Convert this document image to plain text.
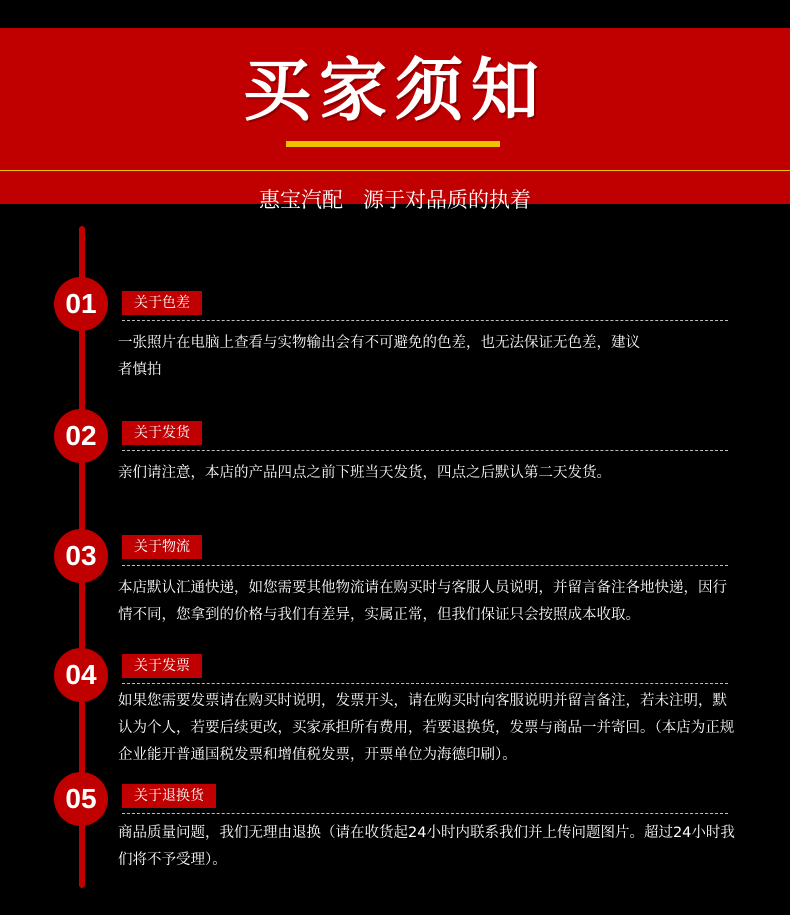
买家须知
惠宝汽配   源于对品质的执着
01	关于色差
一张照片在电脑上查看与实物输出会有不可避免的色差，也无法保证无色差，建议者慎拍
02	关于发货
亲们请注意，本店的产品四点之前下班当天发货，四点之后默认第二天发货。
03	关于物流
本店默认汇通快递，如您需要其他物流请在购买时与客服人员说明，并留言备注各地快递，因行情不同，您拿到的价格与我们有差异，实属正常，但我们保证只会按照成本收取。
04	关于发票
如果您需要发票请在购买时说明，发票开头，请在购买时向客服说明并留言备注，若未注明，默认为个人，若要后续更改，买家承担所有费用，若要退换货，发票与商品一并寄回。（本店为正规企业能开普通国税发票和增值税发票，开票单位为海德印刷）。
05	关于退换货
商品质量问题，我们无理由退换（请在收货起24小时内联系我们并上传问题图片。超过24小时我们将不予受理）。
